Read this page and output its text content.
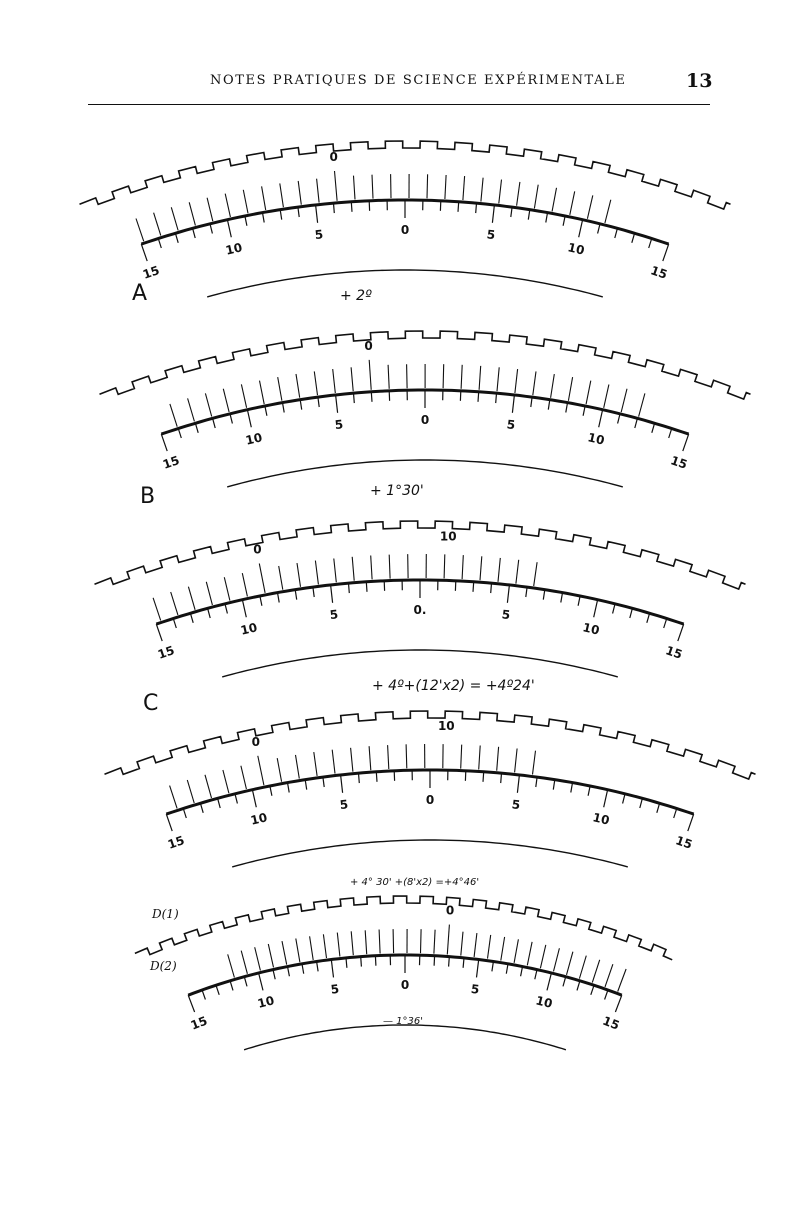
NOTES PRATIQUES DE SCIENCE EXPÉRIMENTALE	13
15
10
5	0	5
10
15
0
A	+ 2º
15
10
5	0	5
10
15
0
B	+ 1°30'
15
10
5	0.	5
10
15
0
10
C
+ 4º+(12'x2) = +4º24'
15
10
5	0	5
10
15
0
10
D(1)
+ 4° 30' +(8'x2) =+4°46'
15
10
5	0	5
10
15
0
D(2)
— 1°36'
